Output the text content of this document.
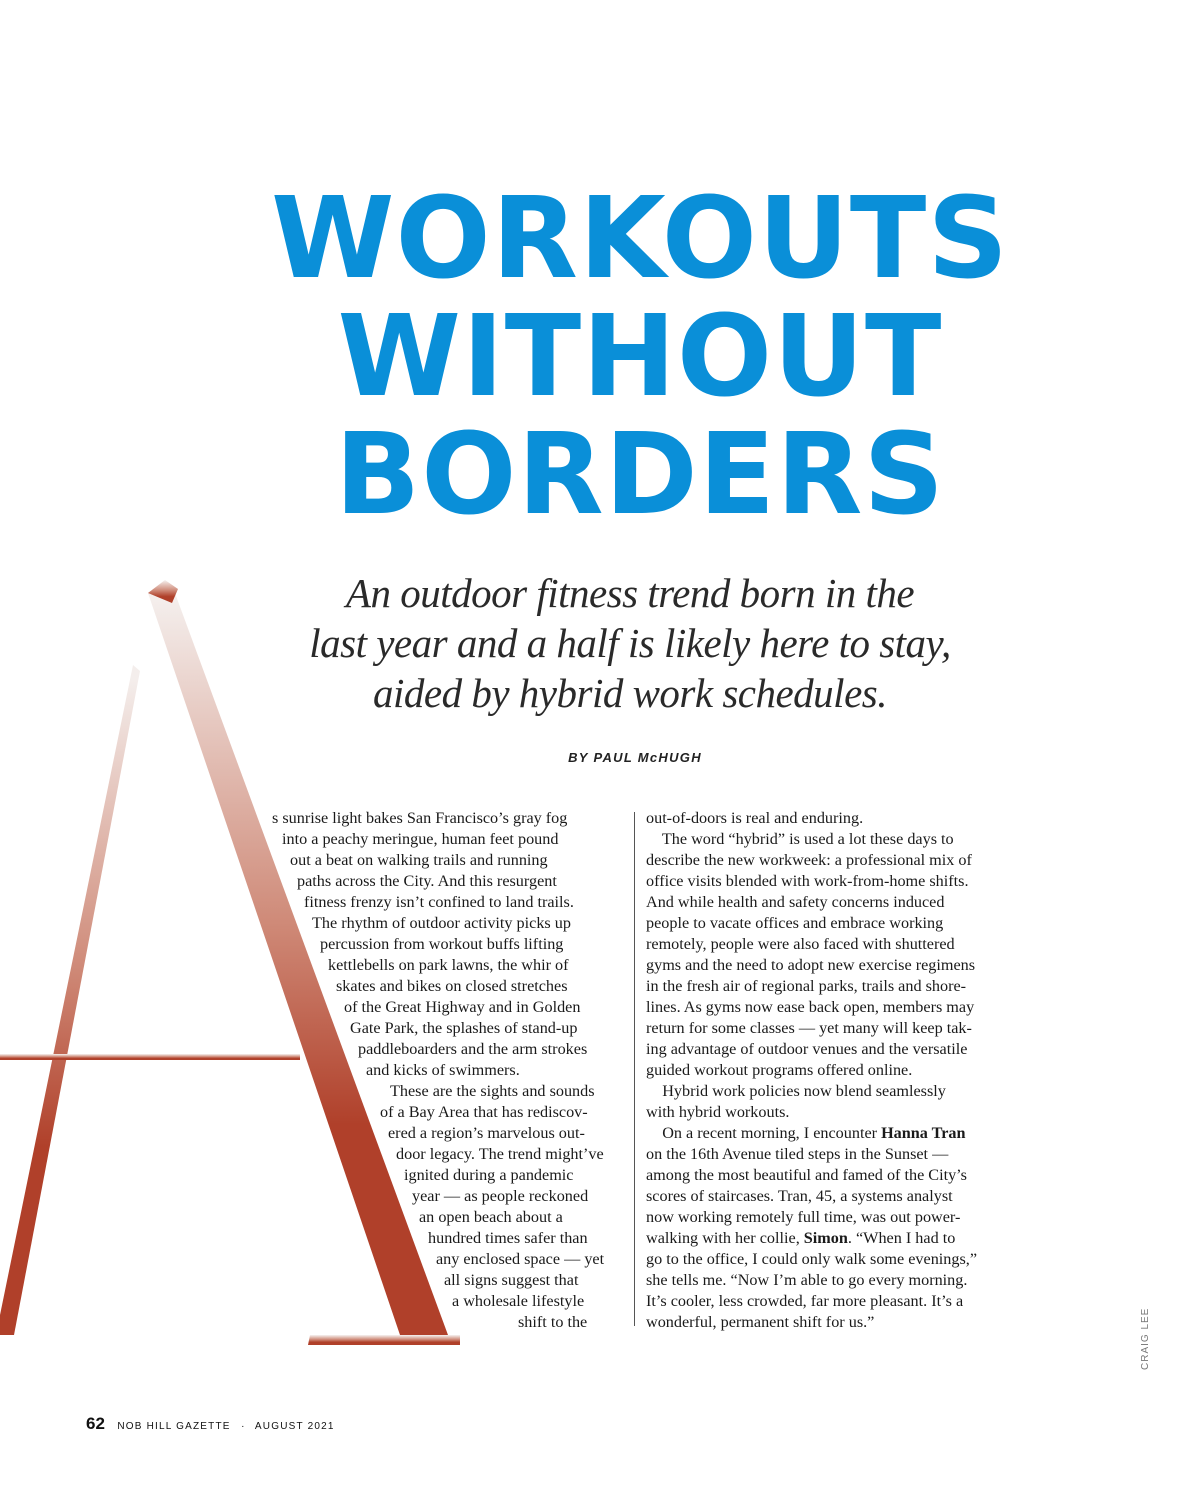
WORKOUTS
WITHOUT
BORDERS

An outdoor fitness trend born in the
last year and a half is likely here to stay,
aided by hybrid work schedules.

BY PAUL McHUGH
s sunrise light bakes San Francisco’s gray fog
into a peachy meringue, human feet pound
out a beat on walking trails and running
paths across the City. And this resurgent
fitness frenzy isn’t confined to land trails.
The rhythm of outdoor activity picks up
percussion from workout buffs lifting
kettlebells on park lawns, the whir of
skates and bikes on closed stretches
of the Great Highway and in Golden
Gate Park, the splashes of stand-up
paddleboarders and the arm strokes
and kicks of swimmers.
These are the sights and sounds
of a Bay Area that has rediscov-
ered a region’s marvelous out-
door legacy. The trend might’ve
ignited during a pandemic
year — as people reckoned
an open beach about a
hundred times safer than
any enclosed space — yet
all signs suggest that
a wholesale lifestyle
shift to the
out-of-doors is real and enduring.
The word “hybrid” is used a lot these days to
describe the new workweek: a professional mix of
office visits blended with work-from-home shifts.
And while health and safety concerns induced
people to vacate offices and embrace working
remotely, people were also faced with shuttered
gyms and the need to adopt new exercise regimens
in the fresh air of regional parks, trails and shore-
lines. As gyms now ease back open, members may
return for some classes — yet many will keep tak-
ing advantage of outdoor venues and the versatile
guided workout programs offered online.
Hybrid work policies now blend seamlessly
with hybrid workouts.
On a recent morning, I encounter Hanna Tran
on the 16th Avenue tiled steps in the Sunset —
among the most beautiful and famed of the City’s
scores of staircases. Tran, 45, a systems analyst
now working remotely full time, was out power-
walking with her collie, Simon. “When I had to
go to the office, I could only walk some evenings,”
she tells me. “Now I’m able to go every morning.
It’s cooler, less crowded, far more pleasant. It’s a
wonderful, permanent shift for us.”	CRAIG LEE
62 NOB HILL GAZETTE · AUGUST 2021
